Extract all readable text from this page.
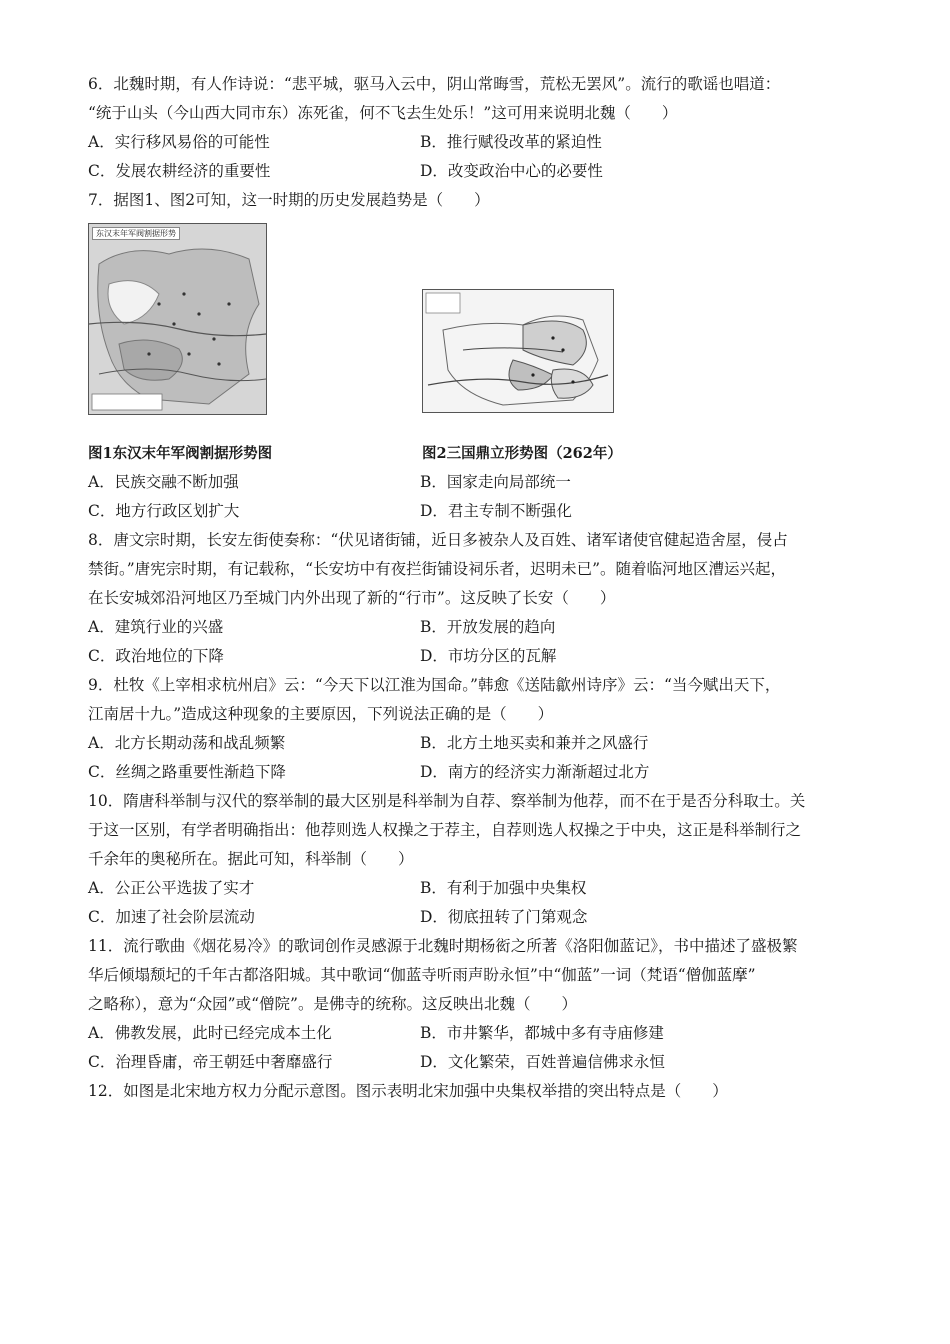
6．北魏时期，有人作诗说：“悲平城，驱马入云中，阴山常晦雪，荒松无罢风”。流行的歌谣也唱道：

“统于山头（今山西大同市东）冻死雀，何不飞去生处乐！”这可用来说明北魏（　　）

A．实行移风易俗的可能性	B．推行赋役改革的紧迫性
C．发展农耕经济的重要性	D．改变政治中心的必要性

7．据图1、图2可知，这一时期的历史发展趋势是（　　）

东汉末年军阀割据形势
图1东汉末年军阀割据形势图	图2三国鼎立形势图（262年）
A．民族交融不断加强	B．国家走向局部统一
C．地方行政区划扩大	D．君主专制不断强化

8．唐文宗时期，长安左街使奏称：“伏见诸街铺，近日多被杂人及百姓、诸军诸使官健起造舍屋，侵占

禁街。”唐宪宗时期，有记载称，“长安坊中有夜拦街铺设祠乐者，迟明未已”。随着临河地区漕运兴起，

在长安城郊沿河地区乃至城门内外出现了新的“行市”。这反映了长安（　　）

A．建筑行业的兴盛	B．开放发展的趋向
C．政治地位的下降	D．市坊分区的瓦解

9．杜牧《上宰相求杭州启》云：“今天下以江淮为国命。”韩愈《送陆歙州诗序》云：“当今赋出天下，

江南居十九。”造成这种现象的主要原因，下列说法正确的是（　　）

A．北方长期动荡和战乱频繁	B．北方土地买卖和兼并之风盛行
C．丝绸之路重要性渐趋下降	D．南方的经济实力渐渐超过北方

10．隋唐科举制与汉代的察举制的最大区别是科举制为自荐、察举制为他荐，而不在于是否分科取士。关

于这一区别，有学者明确指出：他荐则选人权操之于荐主，自荐则选人权操之于中央，这正是科举制行之

千余年的奥秘所在。据此可知，科举制（　　）

A．公正公平选拔了实才	B．有利于加强中央集权
C．加速了社会阶层流动	D．彻底扭转了门第观念

11．流行歌曲《烟花易冷》的歌词创作灵感源于北魏时期杨衒之所著《洛阳伽蓝记》，书中描述了盛极繁

华后倾塌颓圮的千年古都洛阳城。其中歌词“伽蓝寺听雨声盼永恒”中“伽蓝”一词（梵语“僧伽蓝摩”

之略称），意为“众园”或“僧院”。是佛寺的统称。这反映出北魏（　　）

A．佛教发展，此时已经完成本土化	B．市井繁华，都城中多有寺庙修建
C．治理昏庸，帝王朝廷中奢靡盛行	D．文化繁荣，百姓普遍信佛求永恒

12．如图是北宋地方权力分配示意图。图示表明北宋加强中央集权举措的突出特点是（　　）
